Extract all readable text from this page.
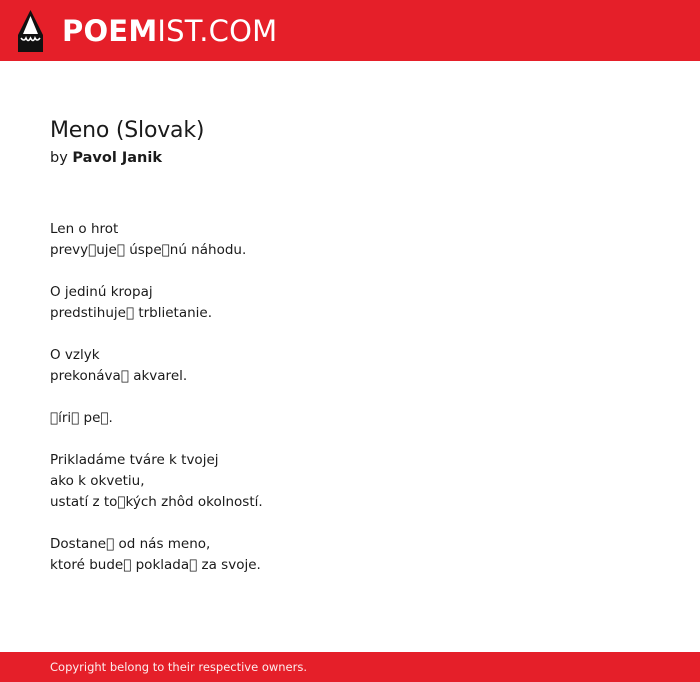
POEMIST.COM
Meno (Slovak)
by Pavol Janik
Len o hrot
prevy uje  úspe nú náhodu.
O jedinú kropaj
predstihuje  trblietanie.
O vzlyk
prekonáva  akvarel.
 íri  pe .
Prikladáme tváre k tvojej
ako k okvetiu,
ustatí z to kých zhôd okolností.
Dostane  od nás meno,
ktoré bude  poklada  za svoje.
Copyright belong to their respective owners.
